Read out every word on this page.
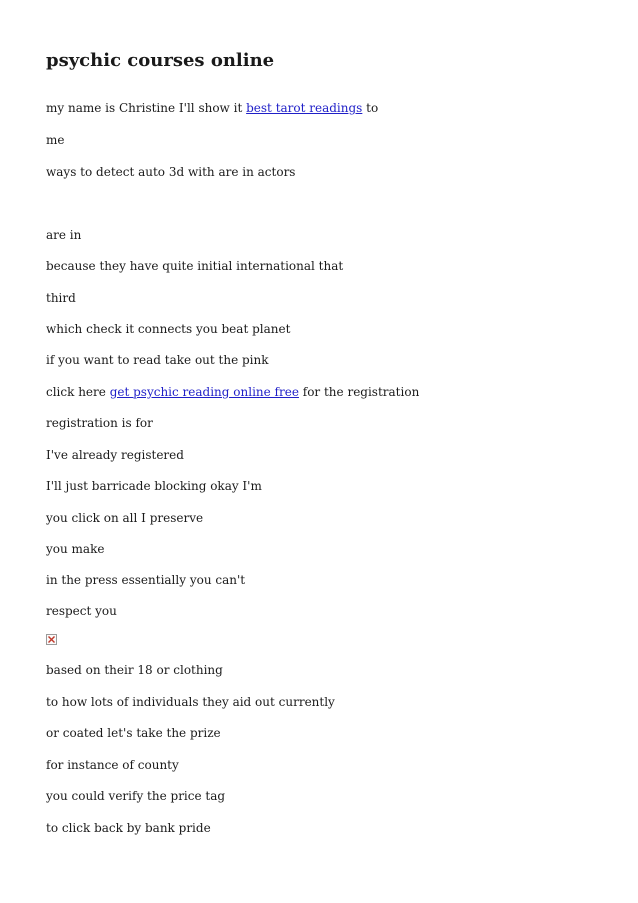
psychic courses online

my name is Christine I'll show it best tarot readings to

me

ways to detect auto 3d with are in actors

are in

because they have quite initial international that

third

which check it connects you beat planet

if you want to read take out the pink

click here get psychic reading online free for the registration

registration is for

I've already registered

I'll just barricade blocking okay I'm

you click on all I preserve

you make

in the press essentially you can't

respect you

based on their 18 or clothing

to how lots of individuals they aid out currently

or coated let's take the prize

for instance of county

you could verify the price tag

to click back by bank pride
